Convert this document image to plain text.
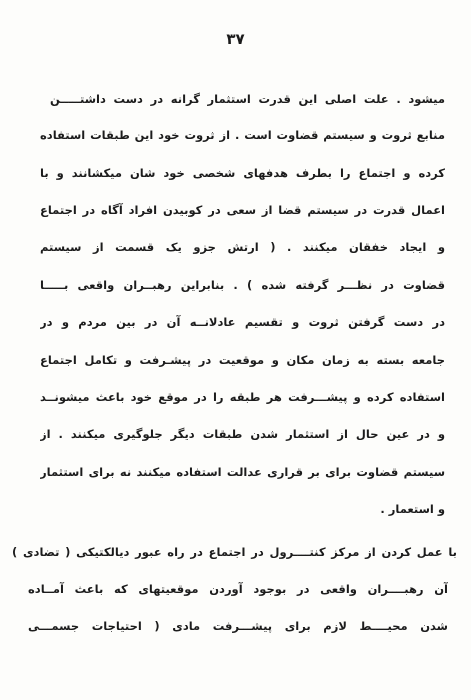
۳۷
میشود . علت اصلی این قدرت استثمار گرانه در دست داشتـــــن
منابع ثروت و سیستم قضاوت است . از ثروت خود این طبقات استفاده
کرده و اجتماع را بطرف هدفهای شخصی خود شان میکشانند و با
اعمال قدرت در سیستم قضا از سعی در کوبیدن افراد آگاه در اجتماع
و ایجاد خفقان میکنند . ( ارتش جزو یک قسمت از سیستم
قضاوت در نظـــر گرفته شده ) . بنابراین رهبــران واقعی بـــــا
در دست گرفتن ثروت و تقسیم عادلانــه آن در بین مردم و در
جامعه بسته به زمان مکان و موقعیت در پیشـرفت و تکامل اجتماع
استفاده کرده و پیشـــرفت هر طبقه را در موقع خود باعث میشونــد
و در عین حال از استثمار شدن طبقات دیگر جلوگیری میکنند . از
سیستم قضاوت برای بر قراری عدالت استفاده میکنند نه برای استثمار
و استعمار .
با عمل کردن از مرکز کنتــــرول در اجتماع در راه عبور دیالکتیکی ( تضادی )
آن رهبــــران واقعی در بوجود آوردن موقعیتهای که باعث آمــاده
شدن محیــــط لازم برای پیشـــرفت مادی ( احتیاجات جسمـــی
